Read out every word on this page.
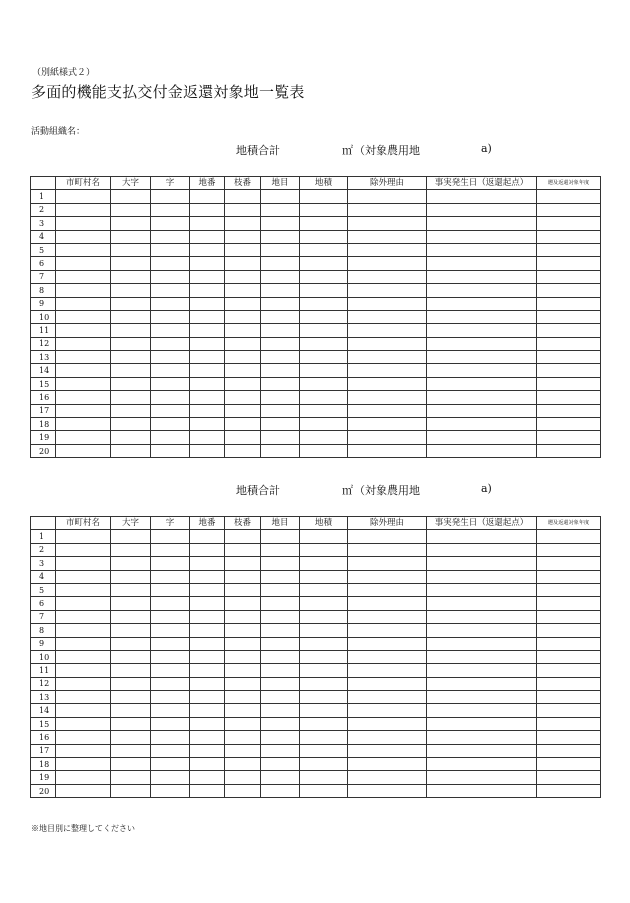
（別紙様式２）
多面的機能支払交付金返還対象地一覧表
活動組織名：
地積合計	㎡ （対象農用地	a)
	市町村名	大字	字	地番	枝番	地目	地積	除外理由	事実発生日（返還起点）	遡及返還対象年度
1										
2										
3										
4										
5										
6										
7										
8										
9										
10										
11										
12										
13										
14										
15										
16										
17										
18										
19										
20										
地積合計	㎡ （対象農用地	a)
	市町村名	大字	字	地番	枝番	地目	地積	除外理由	事実発生日（返還起点）	遡及返還対象年度
1										
2										
3										
4										
5										
6										
7										
8										
9										
10										
11										
12										
13										
14										
15										
16										
17										
18										
19										
20										
※地目別に整理してください
